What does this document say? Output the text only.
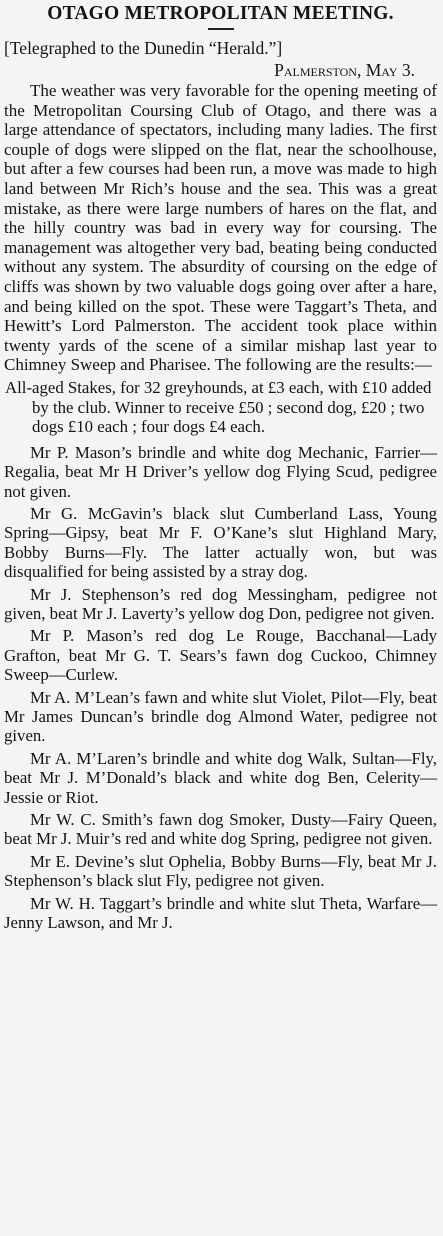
OTAGO METROPOLITAN MEETING.

[Telegraphed to the Dunedin “Herald.”]

Palmerston, May 3.

The weather was very favorable for the opening meeting of the Metropolitan Coursing Club of Otago, and there was a large attendance of spectators, including many ladies. The first couple of dogs were slipped on the flat, near the schoolhouse, but after a few courses had been run, a move was made to high land between Mr Rich’s house and the sea. This was a great mistake, as there were large numbers of hares on the flat, and the hilly country was bad in every way for coursing. The management was altogether very bad, beating being conducted without any system. The absurdity of coursing on the edge of cliffs was shown by two valuable dogs going over after a hare, and being killed on the spot. These were Taggart’s Theta, and Hewitt’s Lord Palmerston. The accident took place within twenty yards of the scene of a similar mishap last year to Chimney Sweep and Pharisee. The following are the results:—

All-aged Stakes, for 32 greyhounds, at £3 each, with £10 added by the club. Winner to receive £50 ; second dog, £20 ; two dogs £10 each ; four dogs £4 each.

Mr P. Mason’s brindle and white dog Mechanic, Farrier—Regalia, beat Mr H Driver’s yellow dog Flying Scud, pedigree not given.

Mr G. McGavin’s black slut Cumberland Lass, Young Spring—Gipsy, beat Mr F. O’Kane’s slut Highland Mary, Bobby Burns—Fly. The latter actually won, but was disqualified for being assisted by a stray dog.

Mr J. Stephenson’s red dog Messingham, pedigree not given, beat Mr J. Laverty’s yellow dog Don, pedigree not given.

Mr P. Mason’s red dog Le Rouge, Bacchanal—Lady Grafton, beat Mr G. T. Sears’s fawn dog Cuckoo, Chimney Sweep—Curlew.

Mr A. M’Lean’s fawn and white slut Violet, Pilot—Fly, beat Mr James Duncan’s brindle dog Almond Water, pedigree not given.

Mr A. M’Laren’s brindle and white dog Walk, Sultan—Fly, beat Mr J. M’Donald’s black and white dog Ben, Celerity—Jessie or Riot.

Mr W. C. Smith’s fawn dog Smoker, Dusty—Fairy Queen, beat Mr J. Muir’s red and white dog Spring, pedigree not given.

Mr E. Devine’s slut Ophelia, Bobby Burns—Fly, beat Mr J. Stephenson’s black slut Fly, pedigree not given.

Mr W. H. Taggart’s brindle and white slut Theta, Warfare—Jenny Lawson, and Mr J.
